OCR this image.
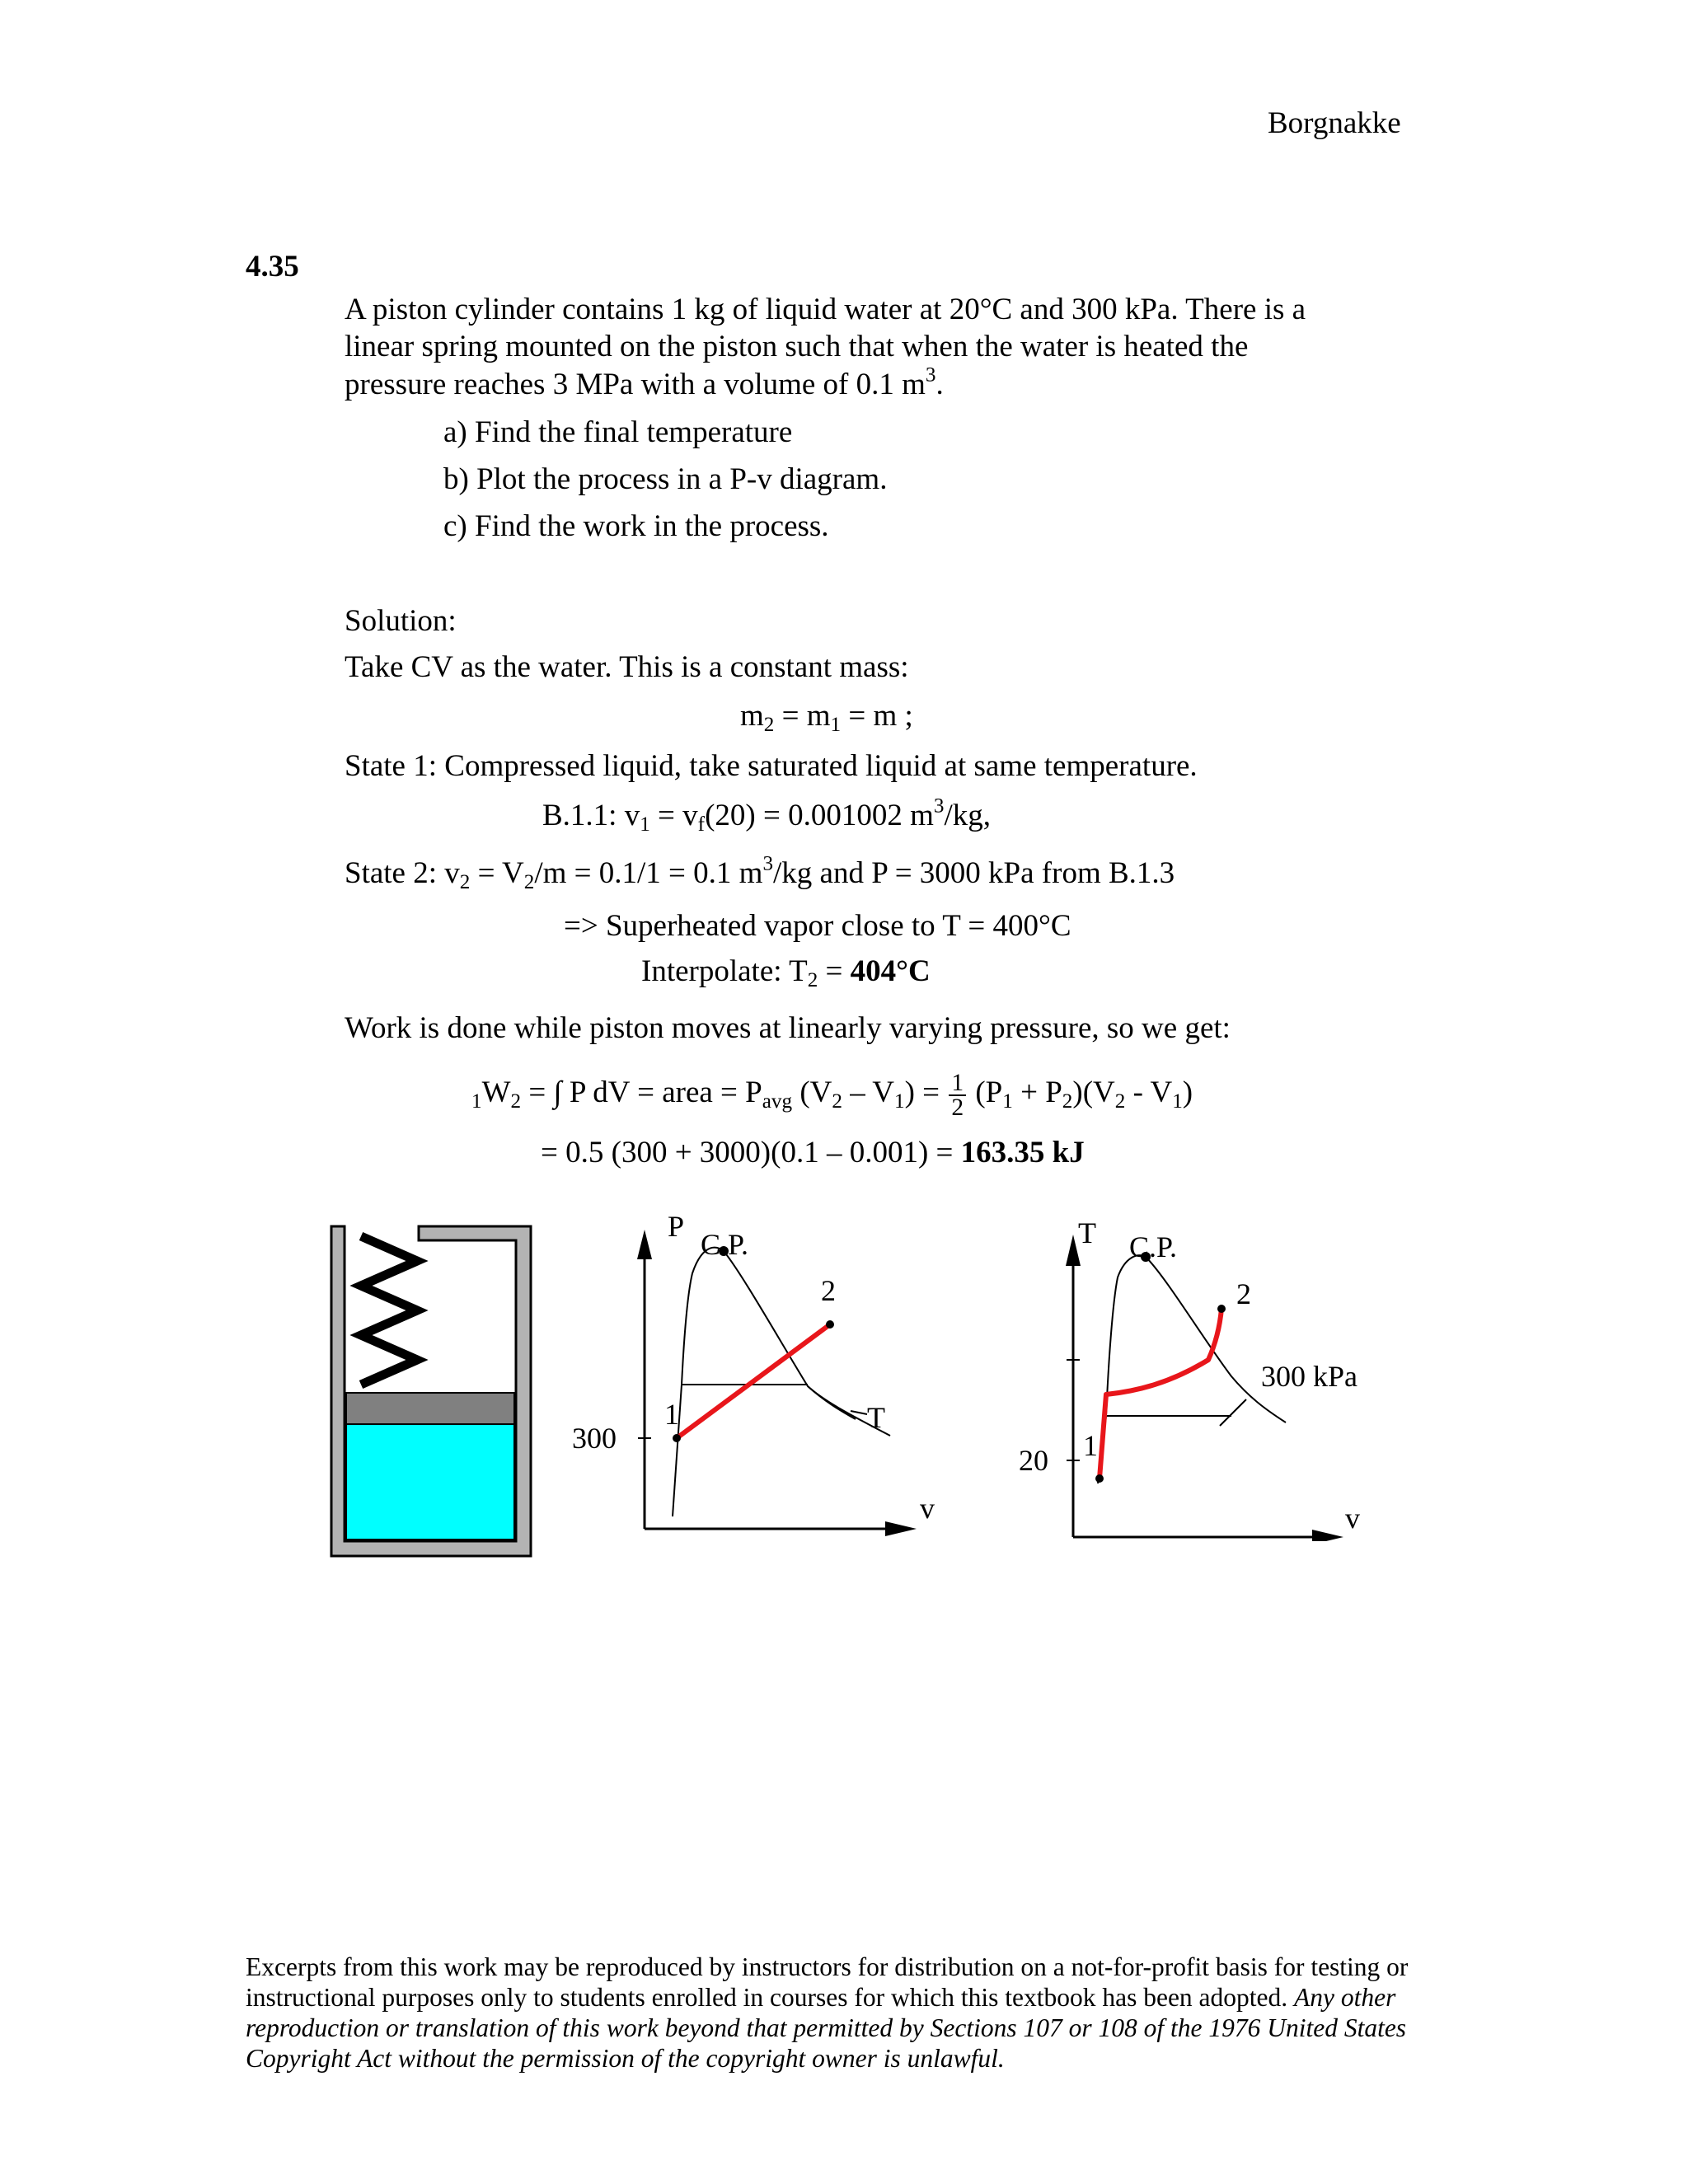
Borgnakke
4.35
A piston cylinder contains 1 kg of liquid water at 20°C and 300 kPa. There is a
linear spring mounted on the piston such that when the water is heated the
pressure reaches 3 MPa with a volume of 0.1 $m^3$.
a) Find the final temperature
b) Plot the process in a P-v diagram.
c) Find the work in the process.
Solution:
Take CV as the water. This is a constant mass:
$m_2 = m_1 = m$ ;
State 1: Compressed liquid, take saturated liquid at same temperature.
B.1.1: $v_1 = v_f(20) = 0.001002$ $m^3/kg$,
State 2: $v_2 = V_2/m = 0.1/1 = 0.1$ $m^3/kg$ and P = 3000 kPa from B.1.3
=> Superheated vapor close to T = 400°C
Interpolate: $T_2 = 404^\circ C$
Work is done while piston moves at linearly varying pressure, so we get:
$_1W_2$ = ∫ P dV = area = $P_{avg}$ $(V_2 - V_1) = \frac{1}{2} (P_1 + P_2)(V_2 - V_1)$
= 0.5 (300 + 3000)(0.1 – 0.001) = 163.35 kJ
P
C.P.
2
1	T
300
v
T C.P.
2
300 kPa
1
20
v
Excerpts from this work may be reproduced by instructors for distribution on a not-for-profit basis for testing or instructional purposes only to students enrolled in courses for which this textbook has been adopted. Any other reproduction or translation of this work beyond that permitted by Sections 107 or 108 of the 1976 United States Copyright Act without the permission of the copyright owner is unlawful.
